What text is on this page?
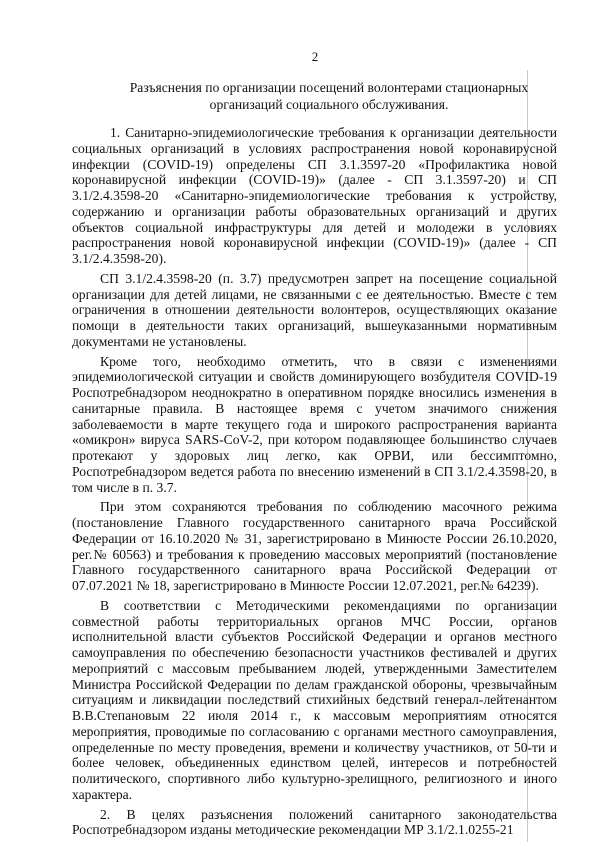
2
Разъяснения по организации посещений волонтерами стационарных организаций социального обслуживания.

1. Санитарно-эпидемиологические требования к организации деятельности социальных организаций в условиях распространения новой коронавирусной инфекции (COVID-19) определены СП 3.1.3597-20 «Профилактика новой коронавирусной инфекции (COVID-19)» (далее - СП 3.1.3597-20) и СП 3.1/2.4.3598-20 «Санитарно-эпидемиологические требования к устройству, содержанию и организации работы образовательных организаций и других объектов социальной инфраструктуры для детей и молодежи в условиях распространения новой коронавирусной инфекции (COVID-19)» (далее - СП 3.1/2.4.3598-20).

СП 3.1/2.4.3598-20 (п. 3.7) предусмотрен запрет на посещение социальной организации для детей лицами, не связанными с ее деятельностью. Вместе с тем ограничения в отношении деятельности волонтеров, осуществляющих оказание помощи в деятельности таких организаций, вышеуказанными нормативным документами не установлены.

Кроме того, необходимо отметить, что в связи с изменениями эпидемиологической ситуации и свойств доминирующего возбудителя COVID-19 Роспотребнадзором неоднократно в оперативном порядке вносились изменения в санитарные правила. В настоящее время с учетом значимого снижения заболеваемости в марте текущего года и широкого распространения варианта «омикрон» вируса SARS-CoV-2, при котором подавляющее большинство случаев протекают у здоровых лиц легко, как ОРВИ, или бессимптомно, Роспотребнадзором ведется работа по внесению изменений в СП 3.1/2.4.3598-20, в том числе в п. 3.7.

При этом сохраняются требования по соблюдению масочного режима (постановление Главного государственного санитарного врача Российской Федерации от 16.10.2020 № 31, зарегистрировано в Минюсте России 26.10.2020, рег.№ 60563) и требования к проведению массовых мероприятий (постановление Главного государственного санитарного врача Российской Федерации от 07.07.2021 № 18, зарегистрировано в Минюсте России 12.07.2021, рег.№ 64239).

В соответствии с Методическими рекомендациями по организации совместной работы территориальных органов МЧС России, органов исполнительной власти субъектов Российской Федерации и органов местного самоуправления по обеспечению безопасности участников фестивалей и других мероприятий с массовым пребыванием людей, утвержденными Заместителем Министра Российской Федерации по делам гражданской обороны, чрезвычайным ситуациям и ликвидации последствий стихийных бедствий генерал-лейтенантом В.В.Степановым 22 июля 2014 г., к массовым мероприятиям относятся мероприятия, проводимые по согласованию с органами местного самоуправления, определенные по месту проведения, времени и количеству участников, от 50-ти и более человек, объединенных единством целей, интересов и потребностей политического, спортивного либо культурно-зрелищного, религиозного и иного характера.

2. В целях разъяснения положений санитарного законодательства Роспотребнадзором изданы методические рекомендации МР 3.1/2.1.0255-21
